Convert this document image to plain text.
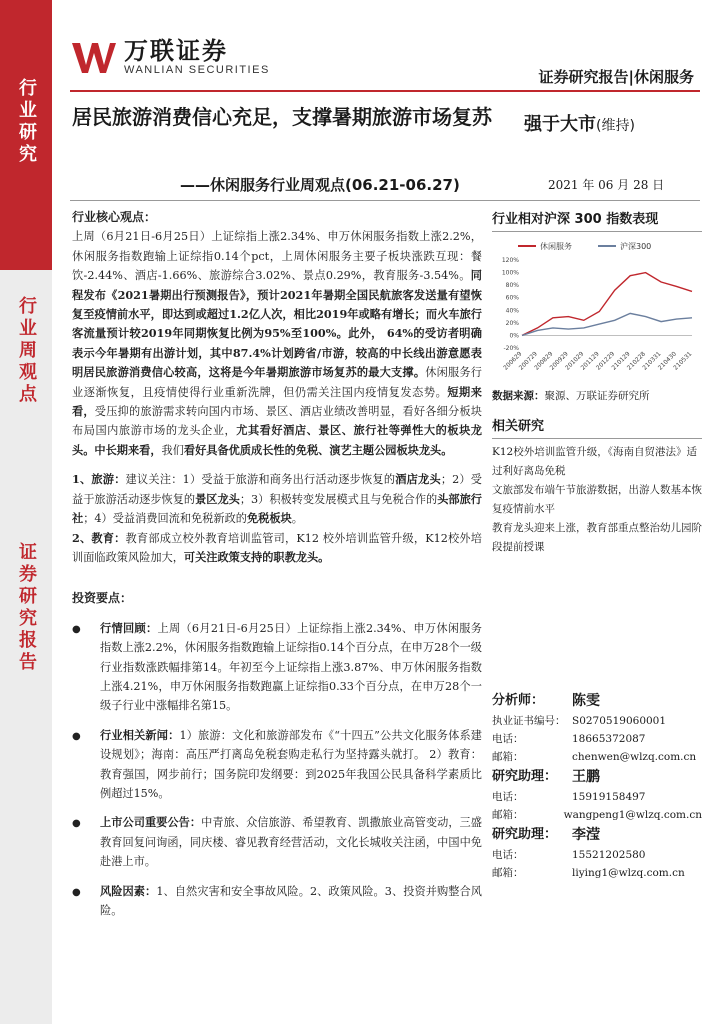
行业研究
行业周观点
证券研究报告
万联证券
WANLIAN SECURITIES	证券研究报告|休闲服务
居民旅游消费信心充足，支撑暑期旅游市场复苏
——休闲服务行业周观点(06.21-06.27)
强于大市(维持)
2021 年 06 月 28 日
行业核心观点：
上周（6月21日-6月25日）上证综指上涨2.34%、申万休闲服务指数上涨2.2%，休闲服务指数跑输上证综指0.14个pct，上周休闲服务主要子板块涨跌互现：餐饮-2.44%、酒店-1.66%、旅游综合3.02%、景点0.29%，教育服务-3.54%。同程发布《2021暑期出行预测报告》，预计2021年暑期全国民航旅客发送量有望恢复至疫情前水平，即达到或超过1.2亿人次，相比2019年或略有增长；而火车旅行客流量预计较2019年同期恢复比例为95%至100%。此外， 64%的受访者明确表示今年暑期有出游计划，其中87.4%计划跨省/市游，较高的中长线出游意愿表明居民旅游消费信心较高，这将是今年暑期旅游市场复苏的最大支撑。休闲服务行业逐渐恢复，且疫情使得行业重新洗牌，但仍需关注国内疫情复发态势。短期来看，受压抑的旅游需求转向国内市场、景区、酒店业绩改善明显，看好各细分板块布局国内旅游市场的龙头企业，尤其看好酒店、景区、旅行社等弹性大的板块龙头。中长期来看，我们看好具备优质成长性的免税、演艺主题公园板块龙头。
1、旅游：建议关注：1）受益于旅游和商务出行活动逐步恢复的酒店龙头；2）受益于旅游活动逐步恢复的景区龙头；3）积极转变发展模式且与免税合作的头部旅行社；4）受益消费回流和免税新政的免税板块。
2、教育：教育部成立校外教育培训监管司，K12 校外培训监管升级，K12校外培训面临政策风险加大，可关注政策支持的职教龙头。
投资要点：
●	行情回顾：上周（6月21日-6月25日）上证综指上涨2.34%、申万休闲服务指数上涨2.2%，休闲服务指数跑输上证综指0.14个百分点，在申万28个一级行业指数涨跌幅排第14。年初至今上证综指上涨3.87%、申万休闲服务指数上涨4.21%，申万休闲服务指数跑赢上证综指0.33个百分点，在申万28个一级子行业中涨幅排名第15。
●	行业相关新闻：1）旅游：文化和旅游部发布《“十四五”公共文化服务体系建设规划》；海南：高压严打离岛免税套购走私行为坚持露头就打。 2）教育：教育强国，网步前行；国务院印发纲要：到2025年我国公民具备科学素质比例超过15%。
●	上市公司重要公告：中青旅、众信旅游、希望教育、凯撒旅业高管变动，三盛教育回复问询函，同庆楼、睿见教育经营活动，文化长城收关注函，中国中免赴港上市。
●	风险因素：1、自然灾害和安全事故风险。2、政策风险。3、投资并购整合风险。
行业相对沪深 300 指数表现
休闲服务	沪深300
120%
100%
80%
60%
40%
20%
0%
-20%
200629
200729
200829
200929
201029
201129
201229
210129
210228
210331
210430
210531
数据来源：聚源、万联证券研究所
相关研究
K12校外培训监管升级，《海南自贸港法》适过利好离岛免税
文旅部发布端午节旅游数据，出游人数基本恢复疫情前水平
教育龙头迎来上涨，教育部重点整治幼儿园阶段提前授课
分析师：	陈雯
执业证书编号： S0270519060001
电话：	18665372087
邮箱：	chenwen@wlzq.com.cn
研究助理：	王鹏
电话：	15919158497
邮箱：	wangpeng1@wlzq.com.cn
研究助理：	李滢
电话：	15521202580
邮箱：	liying1@wlzq.com.cn
